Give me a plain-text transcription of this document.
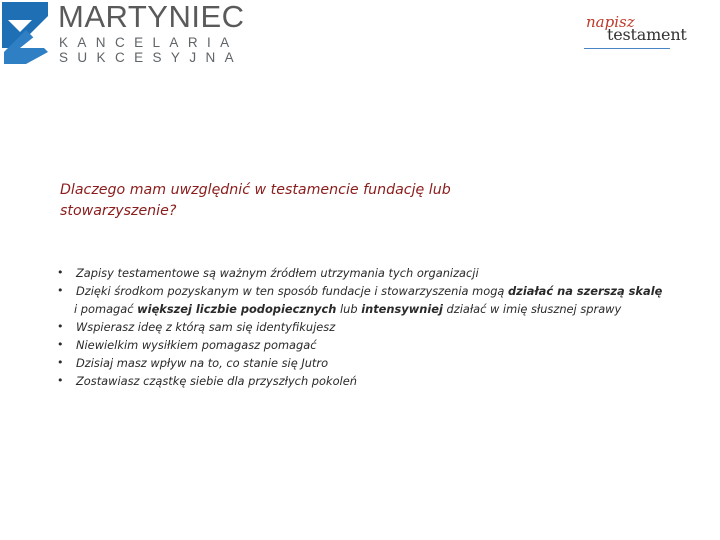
MARTYNIEC
KANCELARIA
SUKCESYJNA
napisz
testament
Dlaczego mam uwzględnić w testamencie fundację lub
stowarzyszenie?
• Zapisy testamentowe są ważnym źródłem utrzymania tych organizacji
• Dzięki środkom pozyskanym w ten sposób fundacje i stowarzyszenia mogą działać na szerszą skalę
i pomagać większej liczbie podopiecznych lub intensywniej działać w imię słusznej sprawy
• Wspierasz ideę z którą sam się identyfikujesz
• Niewielkim wysiłkiem pomagasz pomagać
• Dzisiaj masz wpływ na to, co stanie się Jutro
• Zostawiasz cząstkę siebie dla przyszłych pokoleń
